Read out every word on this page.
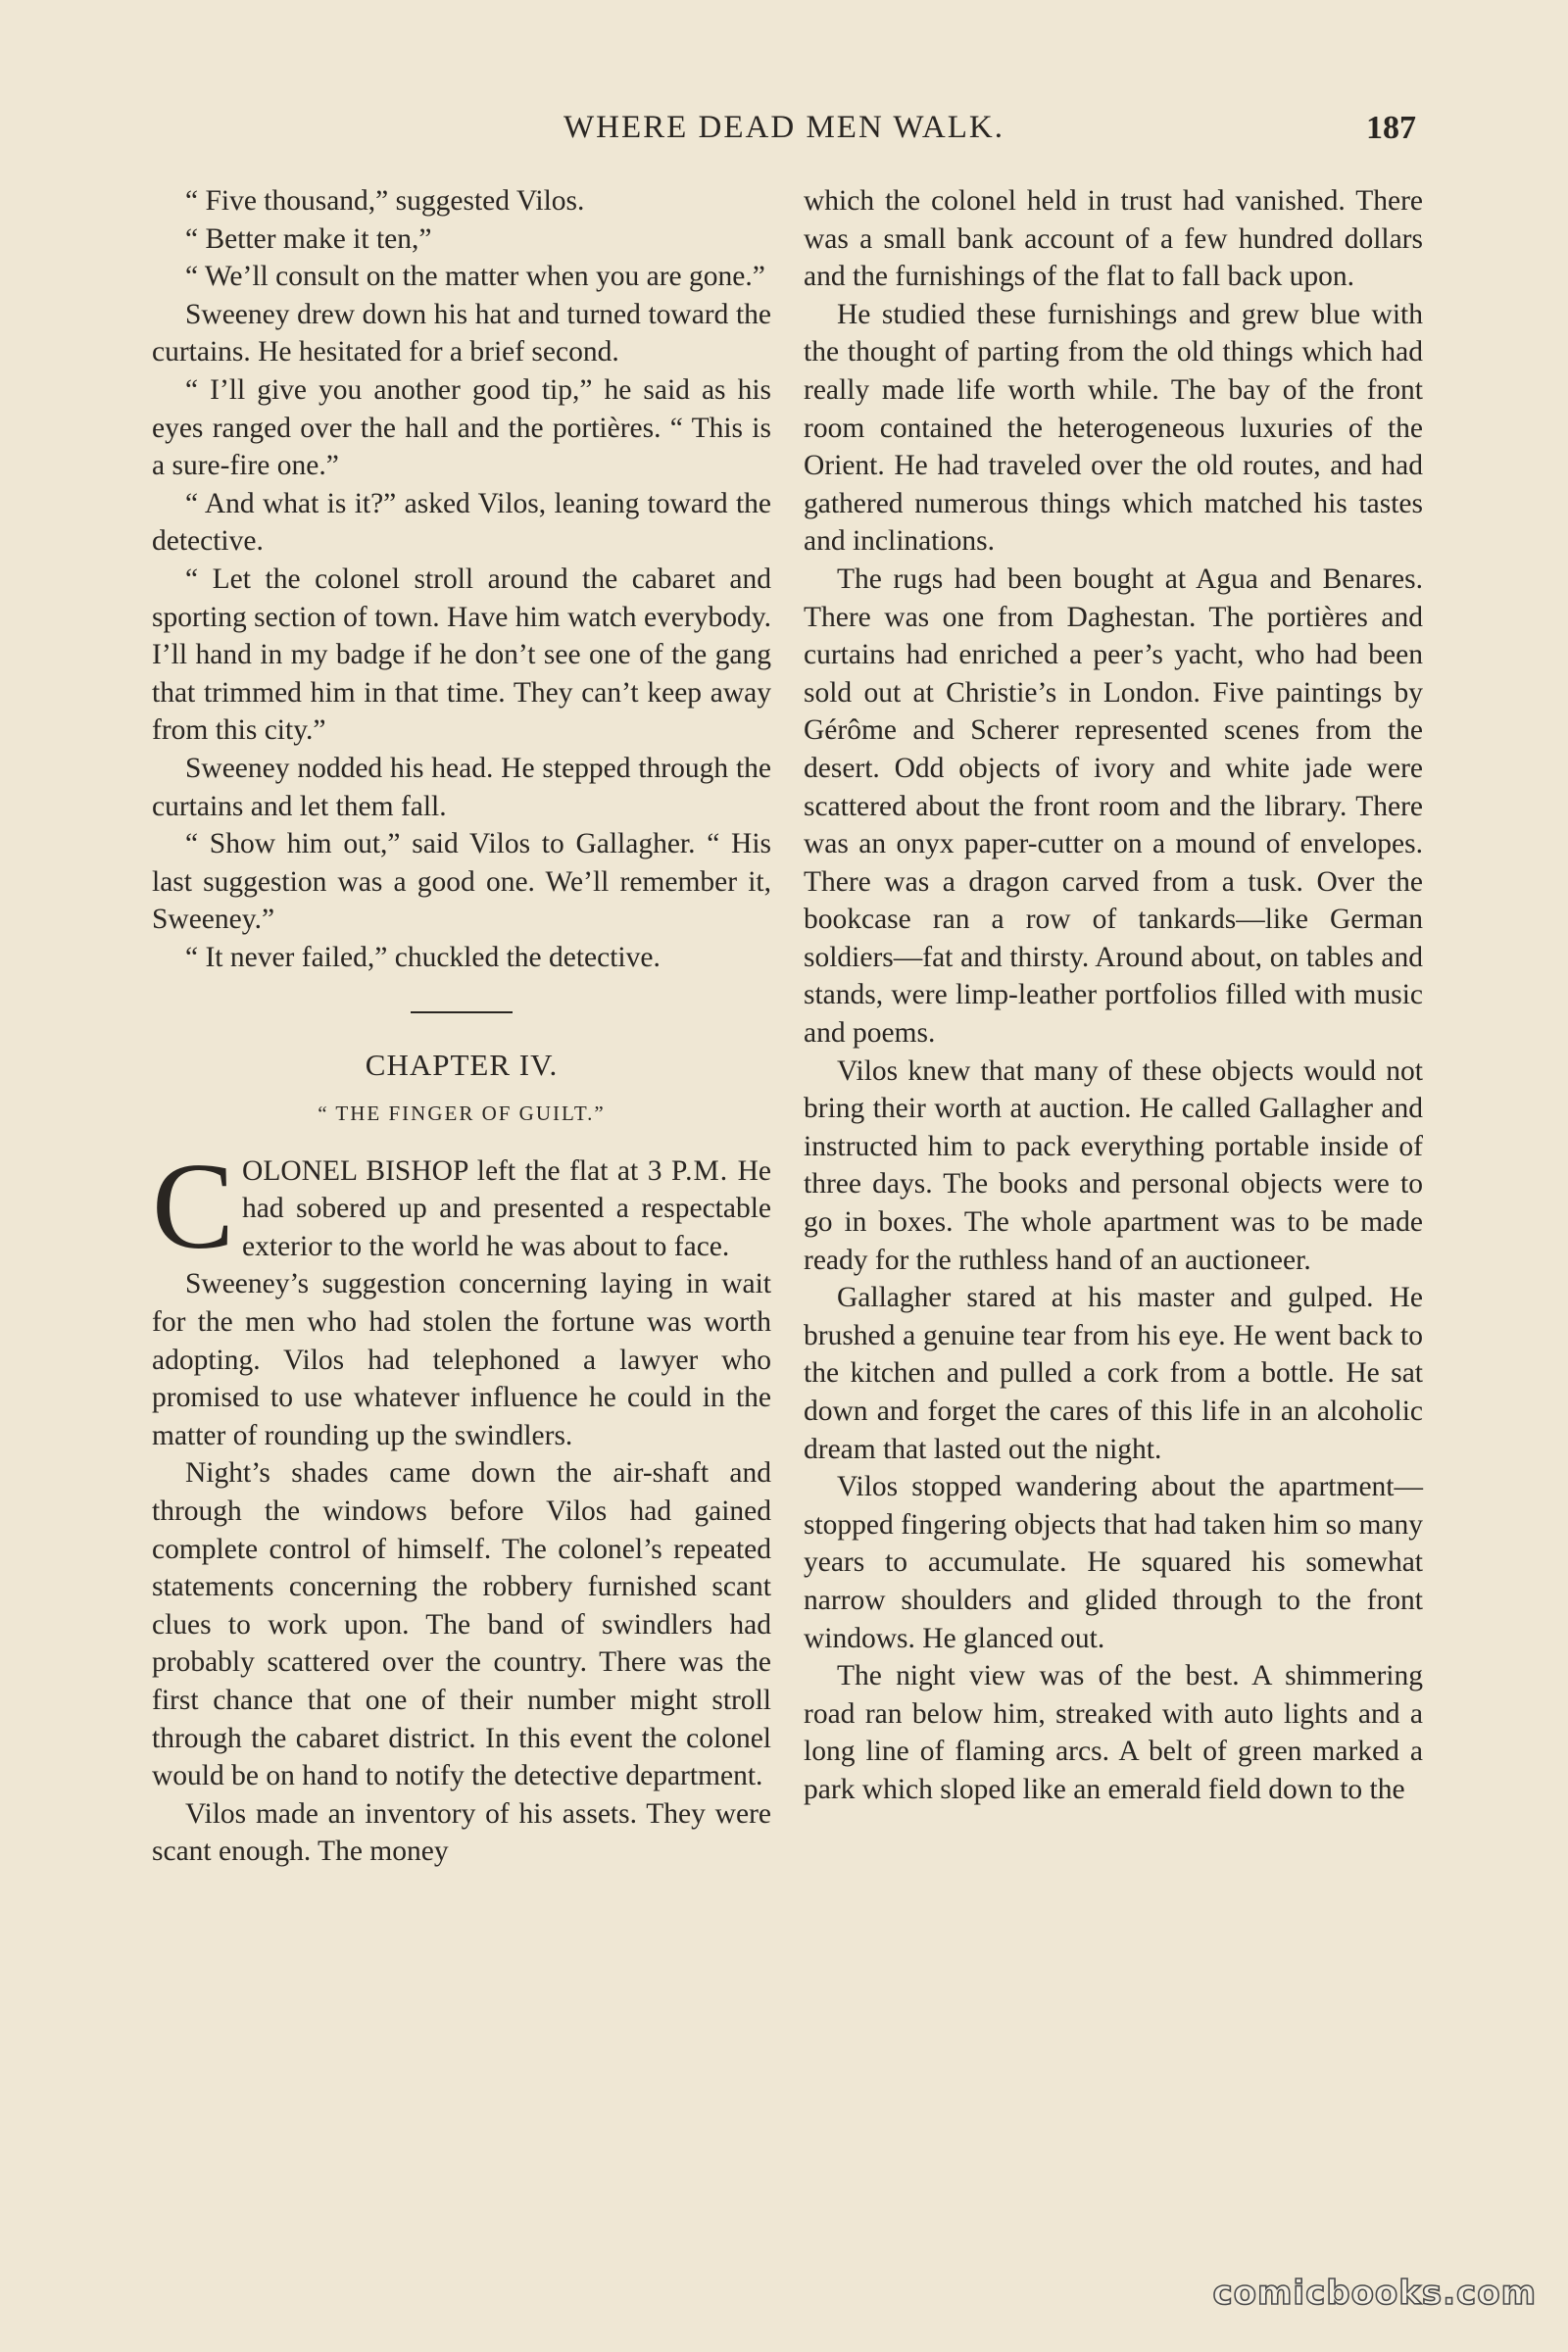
WHERE DEAD MEN WALK.	187

“ Five thousand,” suggested Vilos.

“ Better make it ten,”

“ We’ll consult on the matter when you are gone.”

Sweeney drew down his hat and turned toward the curtains. He hesitated for a brief second.

“ I’ll give you another good tip,” he said as his eyes ranged over the hall and the portières. “ This is a sure-fire one.”

“ And what is it?” asked Vilos, leaning toward the detective.

“ Let the colonel stroll around the cabaret and sporting section of town. Have him watch everybody. I’ll hand in my badge if he don’t see one of the gang that trimmed him in that time. They can’t keep away from this city.”

Sweeney nodded his head. He stepped through the curtains and let them fall.

“ Show him out,” said Vilos to Gallagher. “ His last suggestion was a good one. We’ll remember it, Sweeney.”

“ It never failed,” chuckled the detective.

CHAPTER IV.
“ THE FINGER OF GUILT.”

COLONEL BISHOP left the flat at 3 P.M. He had sobered up and presented a respectable exterior to the world he was about to face.

Sweeney’s suggestion concerning laying in wait for the men who had stolen the fortune was worth adopting. Vilos had telephoned a lawyer who promised to use whatever influence he could in the matter of rounding up the swindlers.

Night’s shades came down the air-shaft and through the windows before Vilos had gained complete control of himself. The colonel’s repeated statements concerning the robbery furnished scant clues to work upon. The band of swindlers had probably scattered over the country. There was the first chance that one of their number might stroll through the cabaret district. In this event the colonel would be on hand to notify the detective department.

Vilos made an inventory of his assets. They were scant enough. The money

which the colonel held in trust had vanished. There was a small bank account of a few hundred dollars and the furnishings of the flat to fall back upon.

He studied these furnishings and grew blue with the thought of parting from the old things which had really made life worth while. The bay of the front room contained the heterogeneous luxuries of the Orient. He had traveled over the old routes, and had gathered numerous things which matched his tastes and inclinations.

The rugs had been bought at Agua and Benares. There was one from Daghestan. The portières and curtains had enriched a peer’s yacht, who had been sold out at Christie’s in London. Five paintings by Gérôme and Scherer represented scenes from the desert. Odd objects of ivory and white jade were scattered about the front room and the library. There was an onyx paper-cutter on a mound of envelopes. There was a dragon carved from a tusk. Over the bookcase ran a row of tankards—like German soldiers—fat and thirsty. Around about, on tables and stands, were limp-leather portfolios filled with music and poems.

Vilos knew that many of these objects would not bring their worth at auction. He called Gallagher and instructed him to pack everything portable inside of three days. The books and personal objects were to go in boxes. The whole apartment was to be made ready for the ruthless hand of an auctioneer.

Gallagher stared at his master and gulped. He brushed a genuine tear from his eye. He went back to the kitchen and pulled a cork from a bottle. He sat down and forget the cares of this life in an alcoholic dream that lasted out the night.

Vilos stopped wandering about the apartment—stopped fingering objects that had taken him so many years to accumulate. He squared his somewhat narrow shoulders and glided through to the front windows. He glanced out.

The night view was of the best. A shimmering road ran below him, streaked with auto lights and a long line of flaming arcs. A belt of green marked a park which sloped like an emerald field down to the

comicbooks.com
